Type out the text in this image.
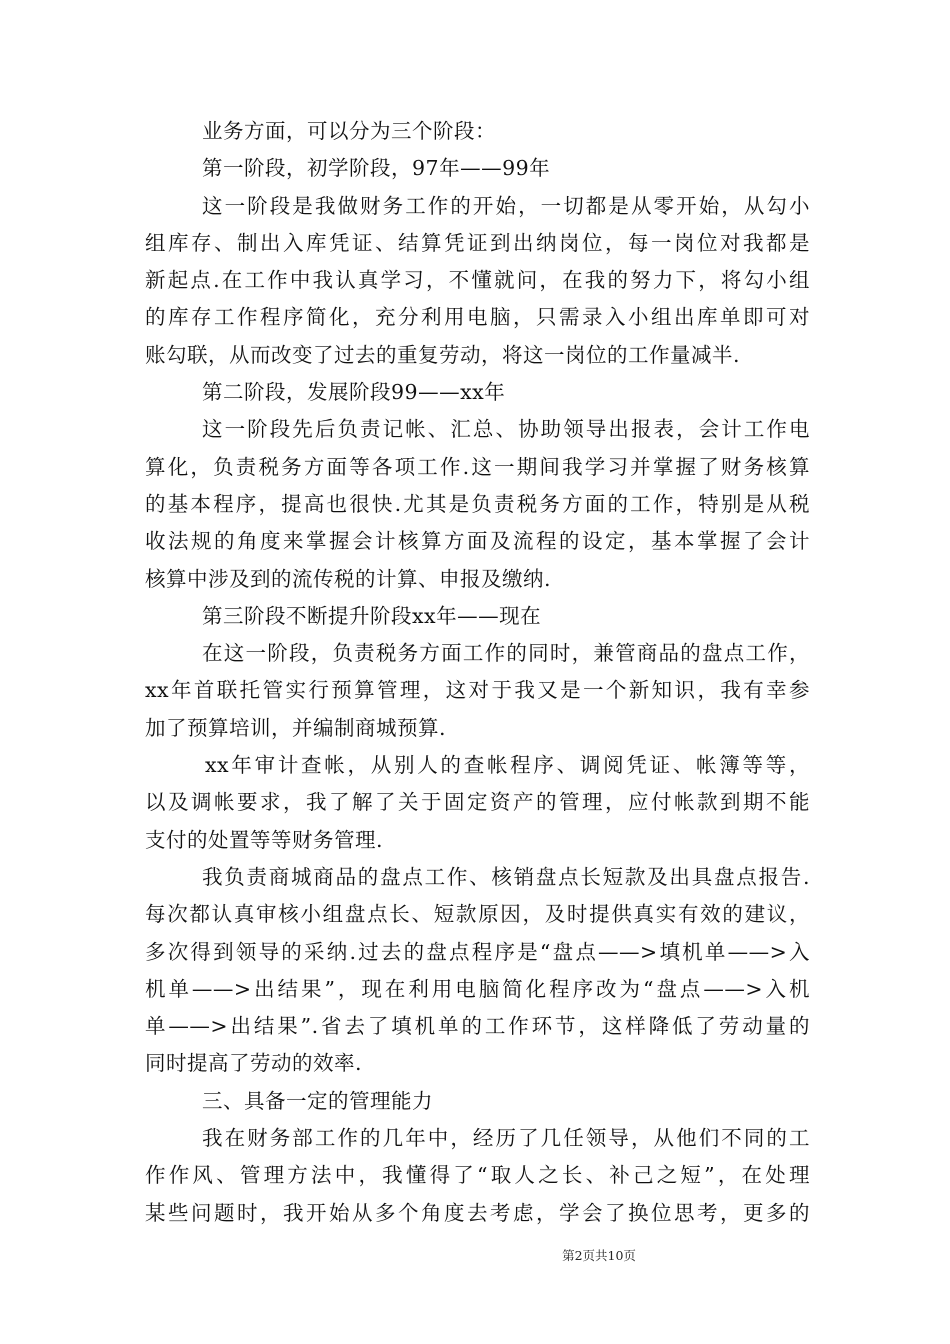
业务方面，可以分为三个阶段：
第一阶段，初学阶段，97年——99年
这一阶段是我做财务工作的开始，一切都是从零开始，从勾小
组库存、制出入库凭证、结算凭证到出纳岗位，每一岗位对我都是
新起点.在工作中我认真学习，不懂就问，在我的努力下，将勾小组
的库存工作程序简化，充分利用电脑，只需录入小组出库单即可对
账勾联，从而改变了过去的重复劳动，将这一岗位的工作量减半.
第二阶段，发展阶段99——xx年
这一阶段先后负责记帐、汇总、协助领导出报表，会计工作电
算化，负责税务方面等各项工作.这一期间我学习并掌握了财务核算
的基本程序，提高也很快.尤其是负责税务方面的工作，特别是从税
收法规的角度来掌握会计核算方面及流程的设定，基本掌握了会计
核算中涉及到的流传税的计算、申报及缴纳.
第三阶段不断提升阶段xx年——现在
在这一阶段，负责税务方面工作的同时，兼管商品的盘点工作，
xx年首联托管实行预算管理，这对于我又是一个新知识，我有幸参
加了预算培训，并编制商城预算.
xx年审计查帐，从别人的查帐程序、调阅凭证、帐簿等等，
以及调帐要求，我了解了关于固定资产的管理，应付帐款到期不能
支付的处置等等财务管理.
我负责商城商品的盘点工作、核销盘点长短款及出具盘点报告.
每次都认真审核小组盘点长、短款原因，及时提供真实有效的建议，
多次得到领导的采纳.过去的盘点程序是“盘点——>填机单——>入
机单——>出结果”，现在利用电脑简化程序改为“盘点——>入机
单——>出结果”.省去了填机单的工作环节，这样降低了劳动量的
同时提高了劳动的效率.
三、具备一定的管理能力
我在财务部工作的几年中，经历了几任领导，从他们不同的工
作作风、管理方法中，我懂得了“取人之长、补己之短”，在处理
某些问题时，我开始从多个角度去考虑，学会了换位思考，更多的
第2页共10页
